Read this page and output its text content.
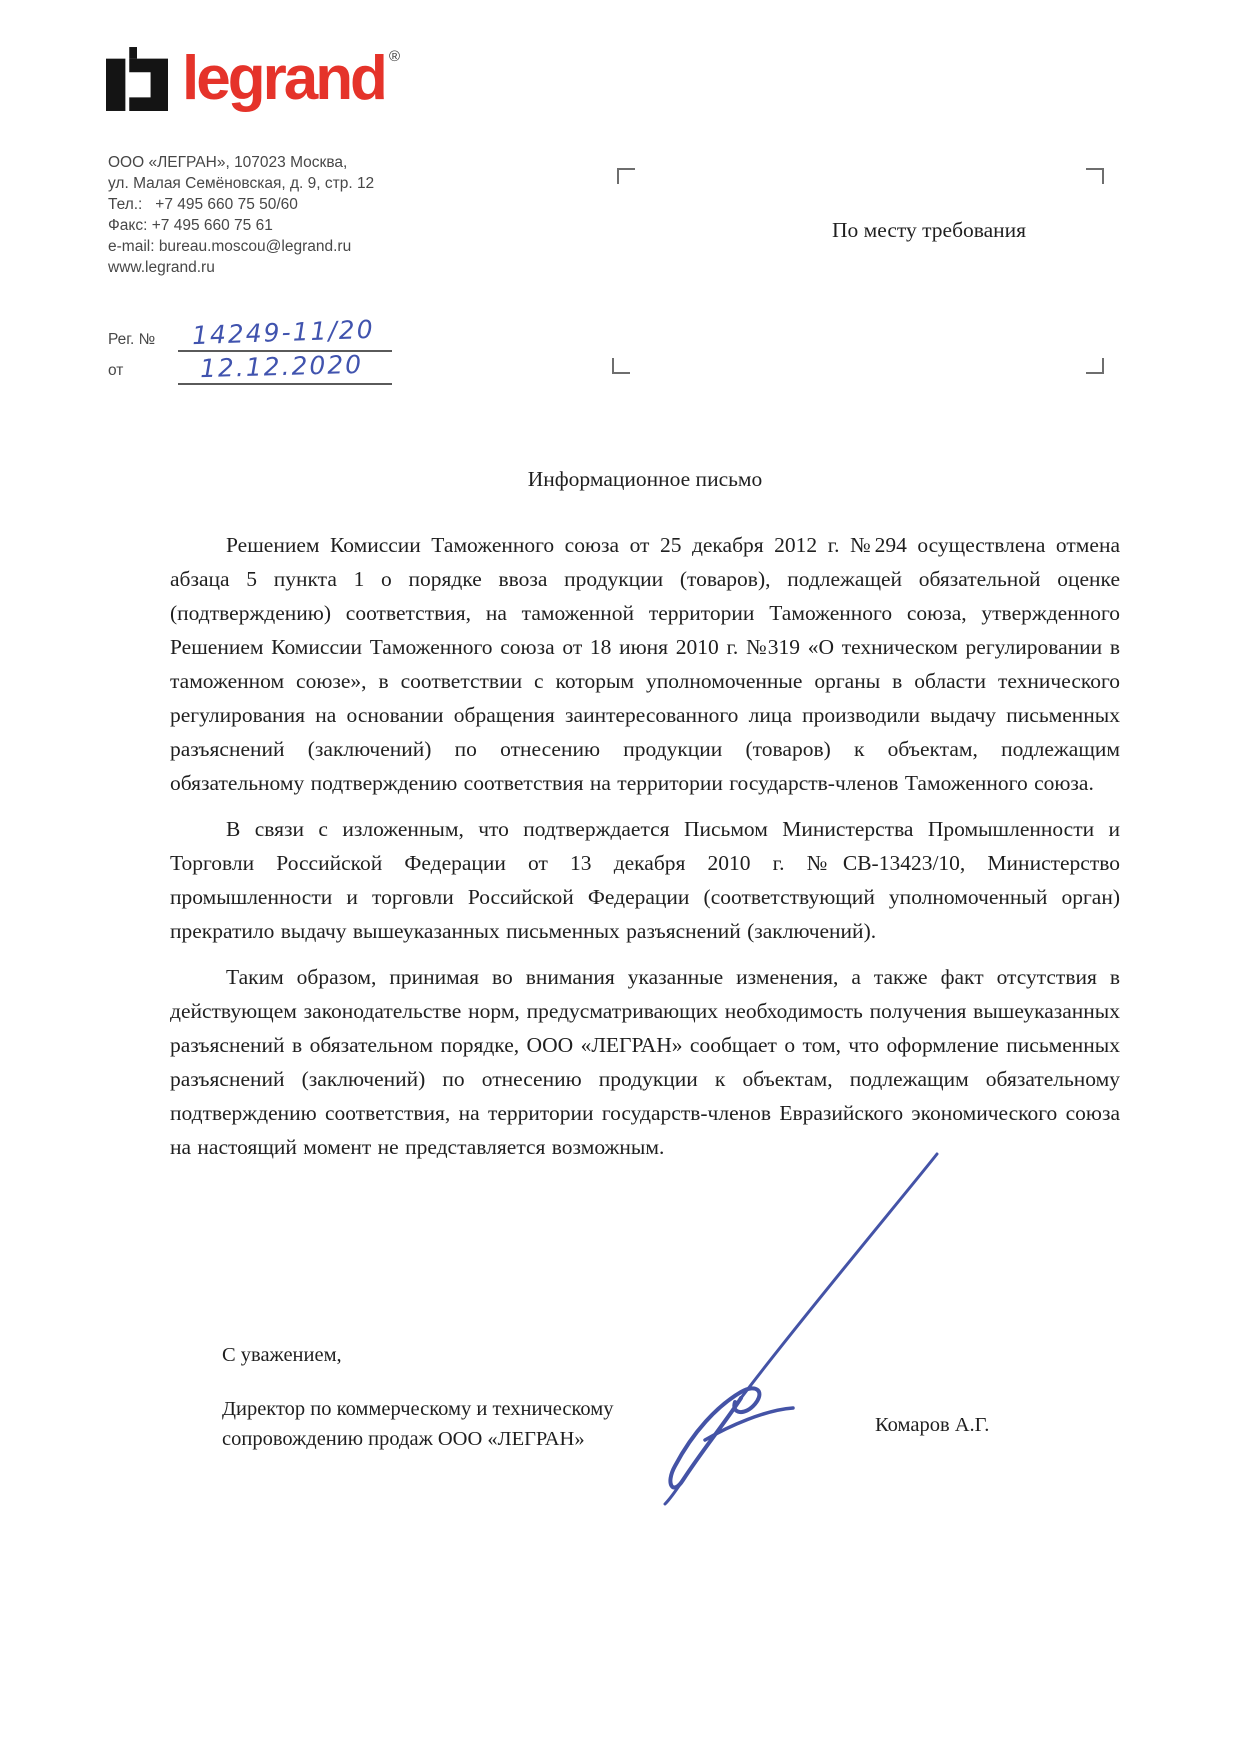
legrand ®
ООО «ЛЕГРАН», 107023 Москва,
ул. Малая Семёновская, д. 9, стр. 12
Тел.:   +7 495 660 75 50/60
Факс: +7 495 660 75 61
e-mail: bureau.moscou@legrand.ru
www.legrand.ru
Рег. № 14249-11/20
от	12.12.2020
По месту требования
Информационное письмо

Решением Комиссии Таможенного союза от 25 декабря 2012 г. №294 осуществлена отмена абзаца 5 пункта 1 о порядке ввоза продукции (товаров), подлежащей обязательной оценке (подтверждению) соответствия, на таможенной территории Таможенного союза, утвержденного Решением Комиссии Таможенного союза от 18 июня 2010 г. №319 «О техническом регулировании в таможенном союзе», в соответствии с которым уполномоченные органы в области технического регулирования на основании обращения заинтересованного лица производили выдачу письменных разъяснений (заключений) по отнесению продукции (товаров) к объектам, подлежащим обязательному подтверждению соответствия на территории государств-членов Таможенного союза.

В связи с изложенным, что подтверждается Письмом Министерства Промышленности и Торговли Российской Федерации от 13 декабря 2010 г. №СВ-13423/10, Министерство промышленности и торговли Российской Федерации (соответствующий уполномоченный орган) прекратило выдачу вышеуказанных письменных разъяснений (заключений).

Таким образом, принимая во внимания указанные изменения, а также факт отсутствия в действующем законодательстве норм, предусматривающих необходимость получения вышеуказанных разъяснений в обязательном порядке, ООО «ЛЕГРАН» сообщает о том, что оформление письменных разъяснений (заключений) по отнесению продукции к объектам, подлежащим обязательному подтверждению соответствия, на территории государств-членов Евразийского экономического союза на настоящий момент не представляется возможным.

С уважением,
Директор по коммерческому и техническому
сопровождению продаж ООО «ЛЕГРАН»
Комаров А.Г.
